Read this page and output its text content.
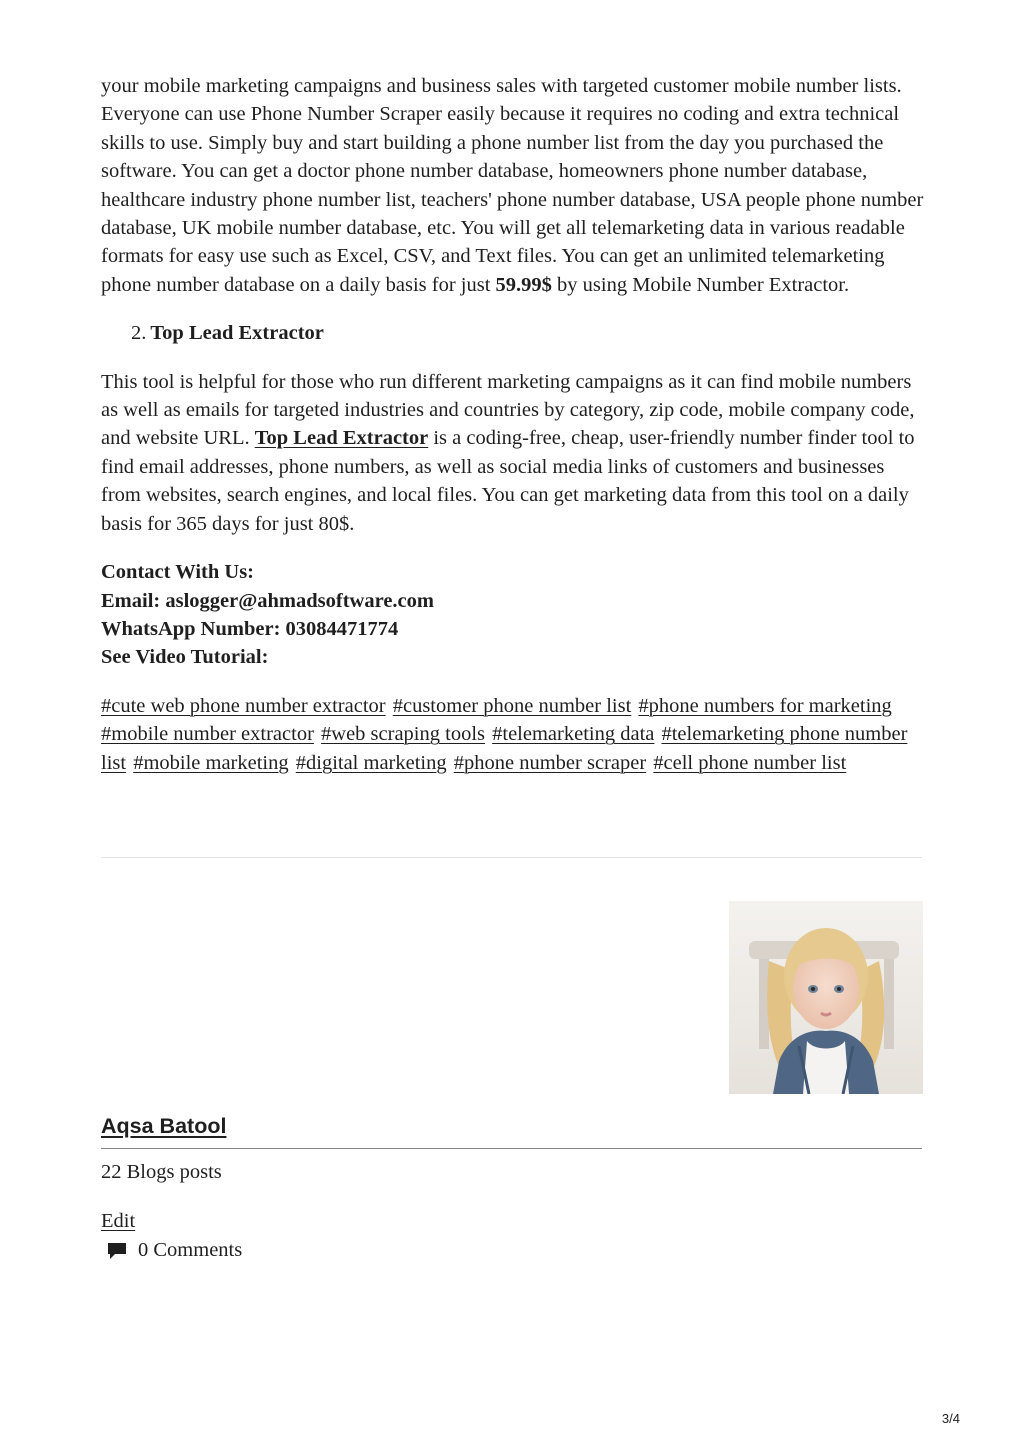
your mobile marketing campaigns and business sales with targeted customer mobile number lists. Everyone can use Phone Number Scraper easily because it requires no coding and extra technical skills to use. Simply buy and start building a phone number list from the day you purchased the software. You can get a doctor phone number database, homeowners phone number database, healthcare industry phone number list, teachers' phone number database, USA people phone number database, UK mobile number database, etc. You will get all telemarketing data in various readable formats for easy use such as Excel, CSV, and Text files. You can get an unlimited telemarketing phone number database on a daily basis for just 59.99$ by using Mobile Number Extractor.

2. Top Lead Extractor

This tool is helpful for those who run different marketing campaigns as it can find mobile numbers as well as emails for targeted industries and countries by category, zip code, mobile company code, and website URL. Top Lead Extractor is a coding-free, cheap, user-friendly number finder tool to find email addresses, phone numbers, as well as social media links of customers and businesses from websites, search engines, and local files. You can get marketing data from this tool on a daily basis for 365 days for just 80$.

Contact With Us:
Email: aslogger@ahmadsoftware.com
WhatsApp Number: 03084471774
See Video Tutorial:

#cute web phone number extractor #customer phone number list #phone numbers for marketing #mobile number extractor #web scraping tools #telemarketing data #telemarketing phone number list #mobile marketing #digital marketing #phone number scraper #cell phone number list

Aqsa Batool
22 Blogs posts
Edit
0 Comments
3/4
